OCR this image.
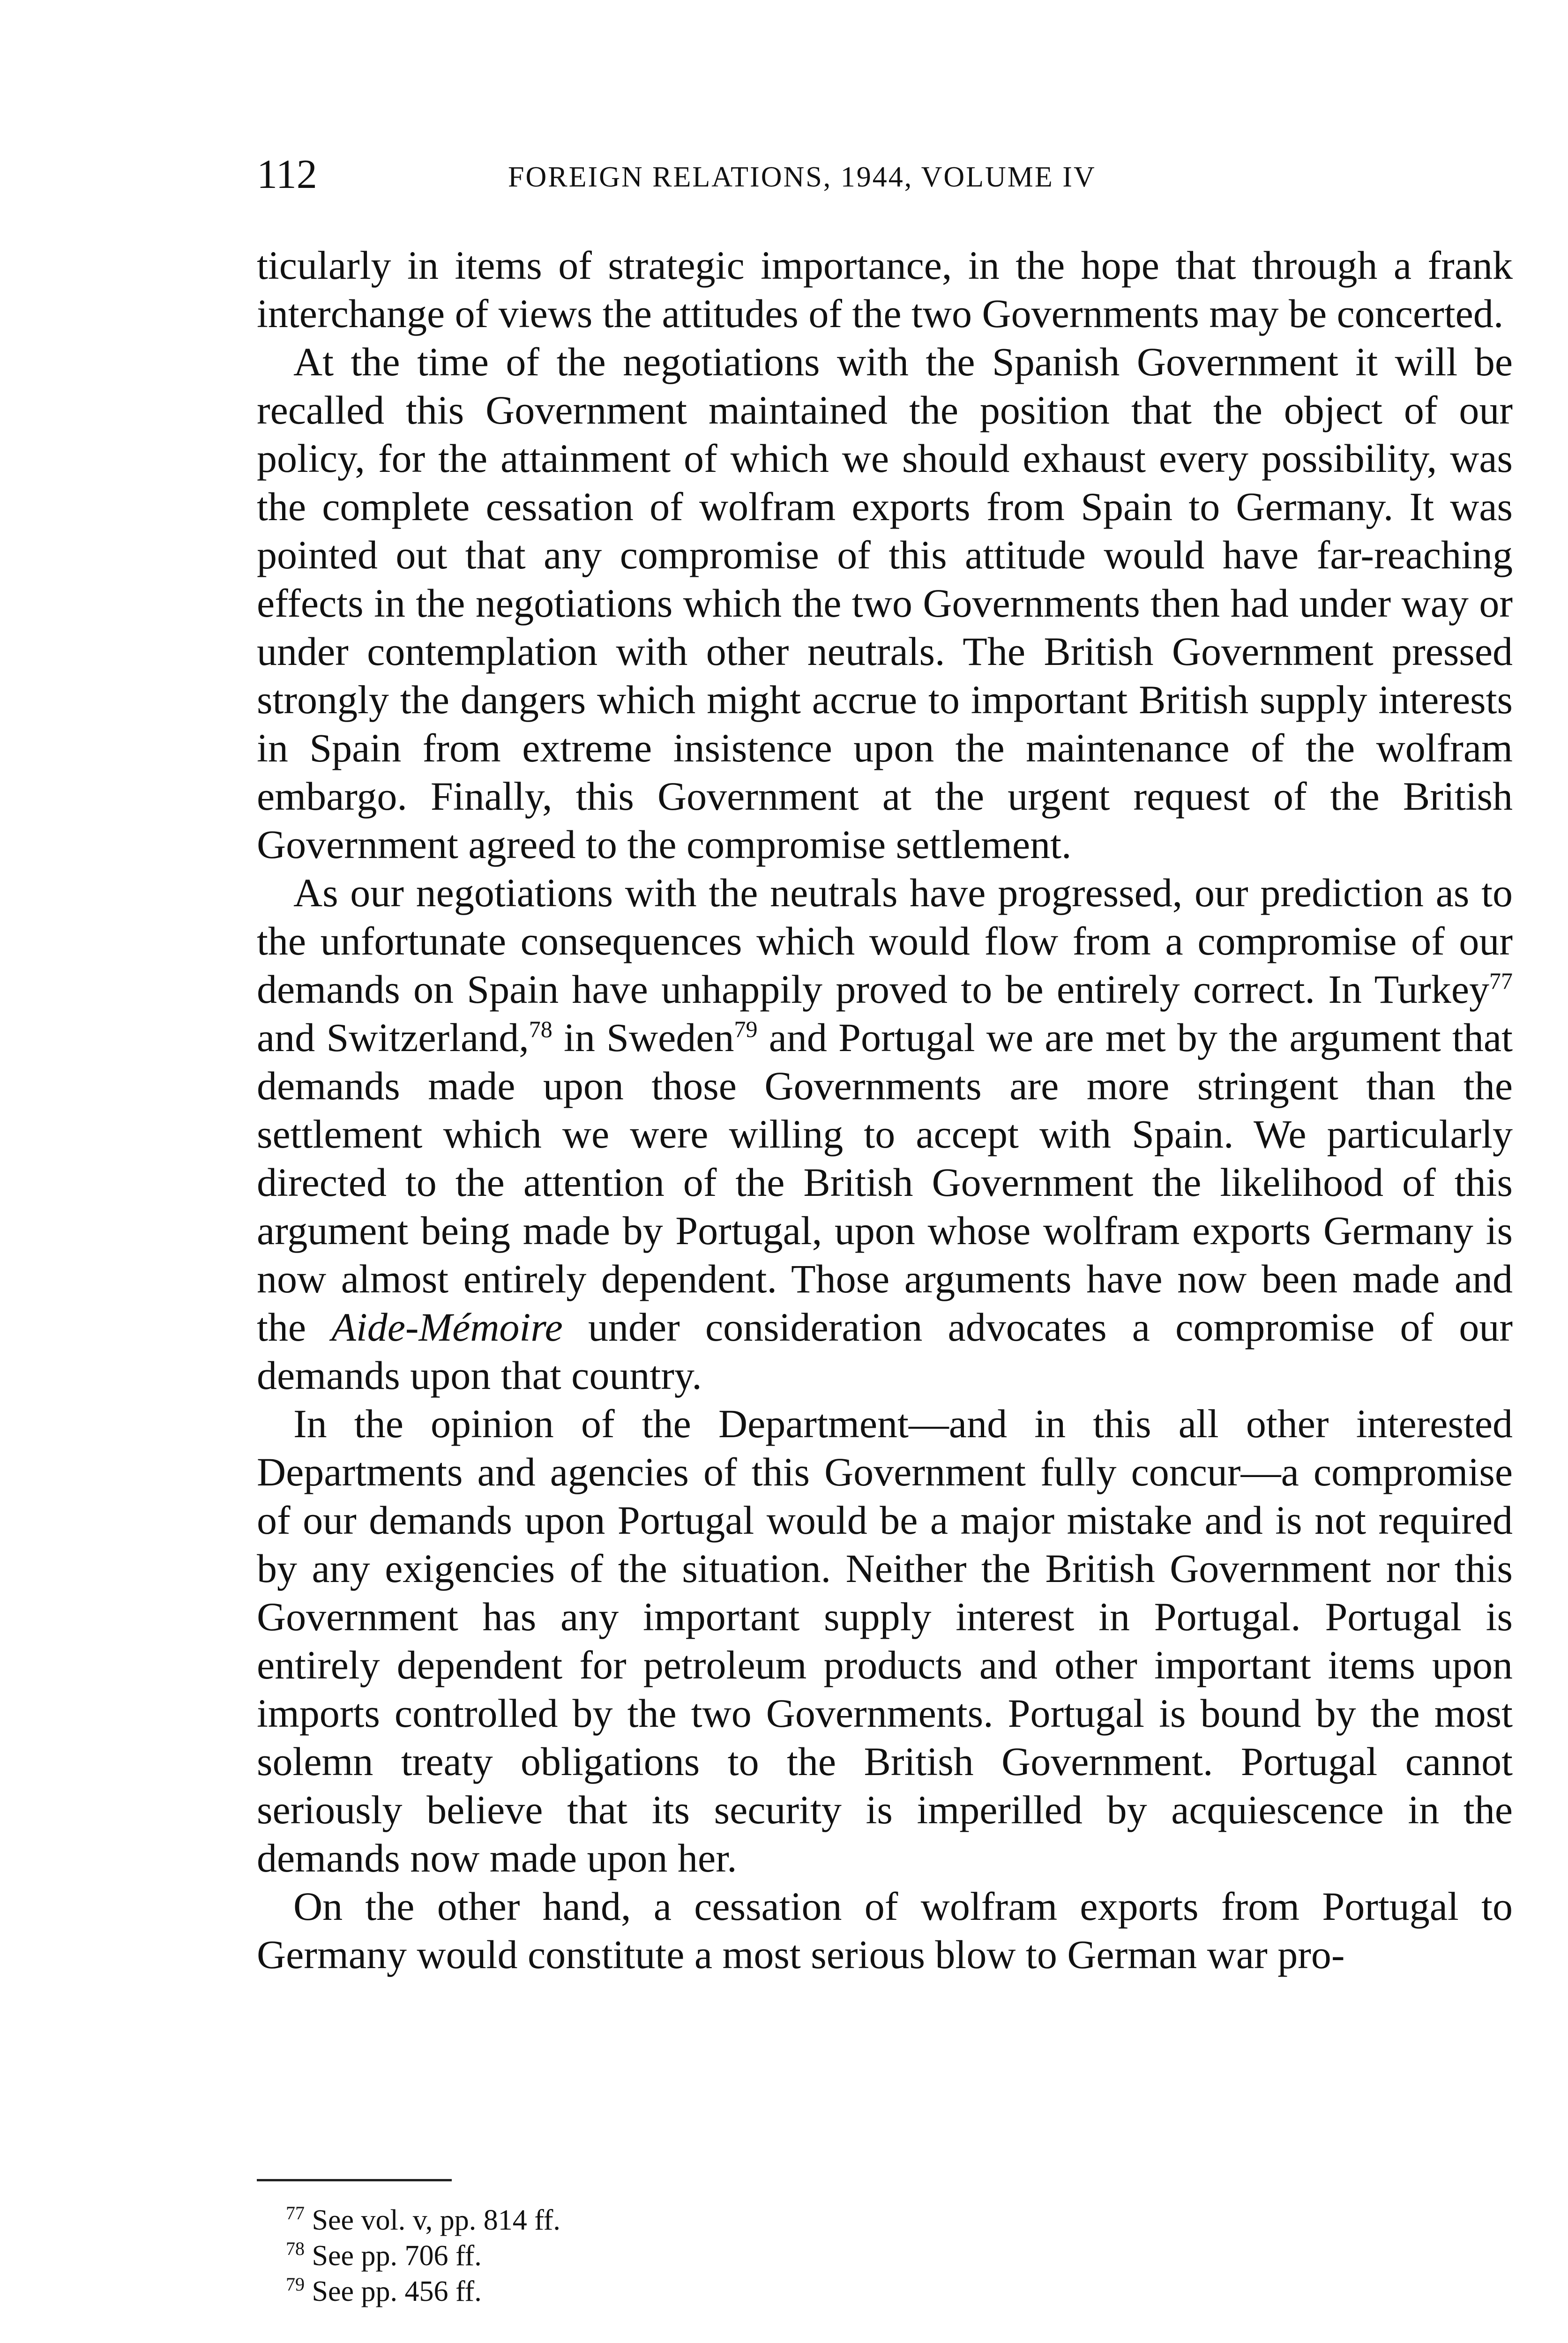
112	FOREIGN RELATIONS, 1944, VOLUME IV

ticularly in items of strategic importance, in the hope that through a frank interchange of views the attitudes of the two Governments may be concerted.

At the time of the negotiations with the Spanish Government it will be recalled this Government maintained the position that the object of our policy, for the attainment of which we should exhaust every possibility, was the complete cessation of wolfram exports from Spain to Germany. It was pointed out that any compromise of this attitude would have far-reaching effects in the negotiations which the two Governments then had under way or under contemplation with other neutrals. The British Government pressed strongly the dangers which might accrue to important British supply interests in Spain from extreme insistence upon the maintenance of the wolfram embargo. Finally, this Government at the urgent request of the British Government agreed to the compromise settlement.

As our negotiations with the neutrals have progressed, our prediction as to the unfortunate consequences which would flow from a compromise of our demands on Spain have unhappily proved to be entirely correct. In Turkey$^{77}$ and Switzerland,$^{78}$ in Sweden$^{79}$ and Portugal we are met by the argument that demands made upon those Governments are more stringent than the settlement which we were willing to accept with Spain. We particularly directed to the attention of the British Government the likelihood of this argument being made by Portugal, upon whose wolfram exports Germany is now almost entirely dependent. Those arguments have now been made and the Aide-Mémoire under consideration advocates a compromise of our demands upon that country.

In the opinion of the Department—and in this all other interested Departments and agencies of this Government fully concur—a compromise of our demands upon Portugal would be a major mistake and is not required by any exigencies of the situation. Neither the British Government nor this Government has any important supply interest in Portugal. Portugal is entirely dependent for petroleum products and other important items upon imports controlled by the two Governments. Portugal is bound by the most solemn treaty obligations to the British Government. Portugal cannot seriously believe that its security is imperilled by acquiescence in the demands now made upon her.

On the other hand, a cessation of wolfram exports from Portugal to Germany would constitute a most serious blow to German war pro-

$^{77}$ See vol. v, pp. 814 ff.

$^{78}$ See pp. 706 ff.

$^{79}$ See pp. 456 ff.
